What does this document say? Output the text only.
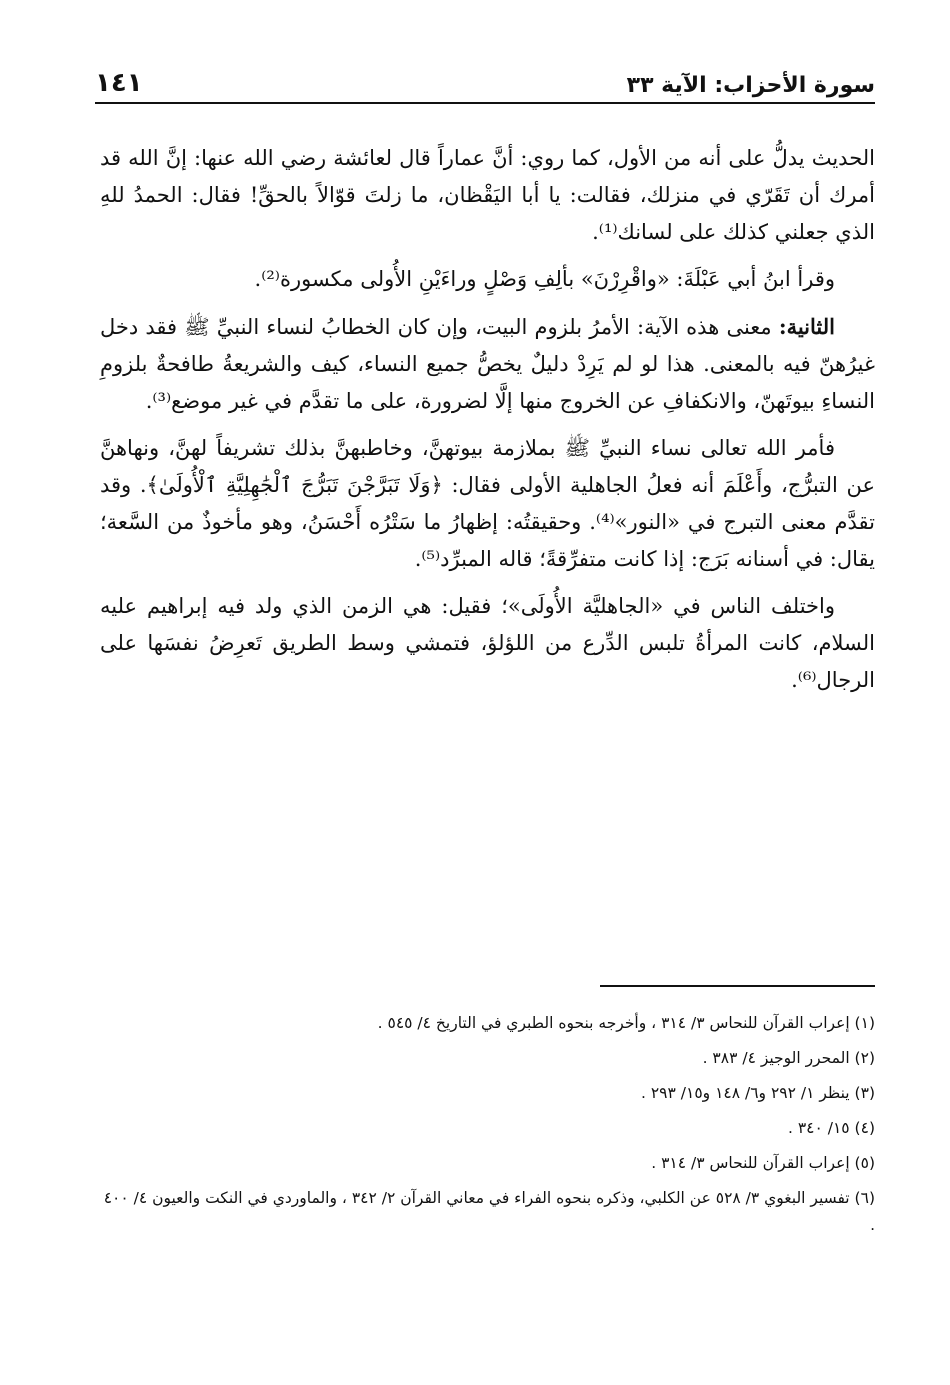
سورة الأحزاب: الآية ٣٣
١٤١

الحديث يدلُّ على أنه من الأول، كما روي: أنَّ عماراً قال لعائشة رضي الله عنها: إنَّ الله قد أمرك أن تَقَرّي في منزلك، فقالت: يا أبا اليَقْظان، ما زلتَ قوّالاً بالحقِّ! فقال: الحمدُ للهِ الذي جعلني كذلك على لسانك⁽¹⁾.

وقرأ ابنُ أبي عَبْلَةَ: «واقْرِرْنَ» بألِفِ وَصْلٍ وراءَيْنِ الأُولى مكسورة⁽²⁾.

الثانية: معنى هذه الآية: الأمرُ بلزوم البيت، وإن كان الخطابُ لنساء النبيِّ ﷺ فقد دخل غيرُهنّ فيه بالمعنى. هذا لو لم يَرِدْ دليلٌ يخصُّ جميع النساء، كيف والشريعةُ طافحةٌ بلزومِ النساءِ بيوتَهنّ، والانكفافِ عن الخروج منها إلَّا لضرورة، على ما تقدَّم في غير موضع⁽³⁾.

فأمر الله تعالى نساء النبيِّ ﷺ بملازمة بيوتهنَّ، وخاطبهنَّ بذلك تشريفاً لهنَّ، ونهاهنَّ عن التبرُّج، وأَعْلَمَ أنه فعلُ الجاهلية الأولى فقال: ﴿وَلَا تَبَرَّجْنَ تَبَرُّجَ ٱلْجَٰهِلِيَّةِ ٱلْأُولَىٰ﴾. وقد تقدَّم معنى التبرج في «النور»⁽⁴⁾. وحقيقتُه: إظهارُ ما سَتْرُه أَحْسَنُ، وهو مأخوذٌ من السَّعة؛ يقال: في أسنانه بَرَج: إذا كانت متفرِّقةً؛ قاله المبرِّد⁽⁵⁾.

واختلف الناس في «الجاهليَّة الأُولَى»؛ فقيل: هي الزمن الذي ولد فيه إبراهيم عليه السلام، كانت المرأةُ تلبس الدِّرع من اللؤلؤ، فتمشي وسط الطريق تَعرِضُ نفسَها على الرجال⁽⁶⁾.

(١) إعراب القرآن للنحاس ٣/ ٣١٤ ، وأخرجه بنحوه الطبري في التاريخ ٤/ ٥٤٥ .

(٢) المحرر الوجيز ٤/ ٣٨٣ .

(٣) ينظر ١/ ٢٩٢ و٦/ ١٤٨ و١٥/ ٢٩٣ .

(٤) ١٥/ ٣٤٠ .

(٥) إعراب القرآن للنحاس ٣/ ٣١٤ .

(٦) تفسير البغوي ٣/ ٥٢٨ عن الكلبي، وذكره بنحوه الفراء في معاني القرآن ٢/ ٣٤٢ ، والماوردي في النكت والعيون ٤/ ٤٠٠ .
